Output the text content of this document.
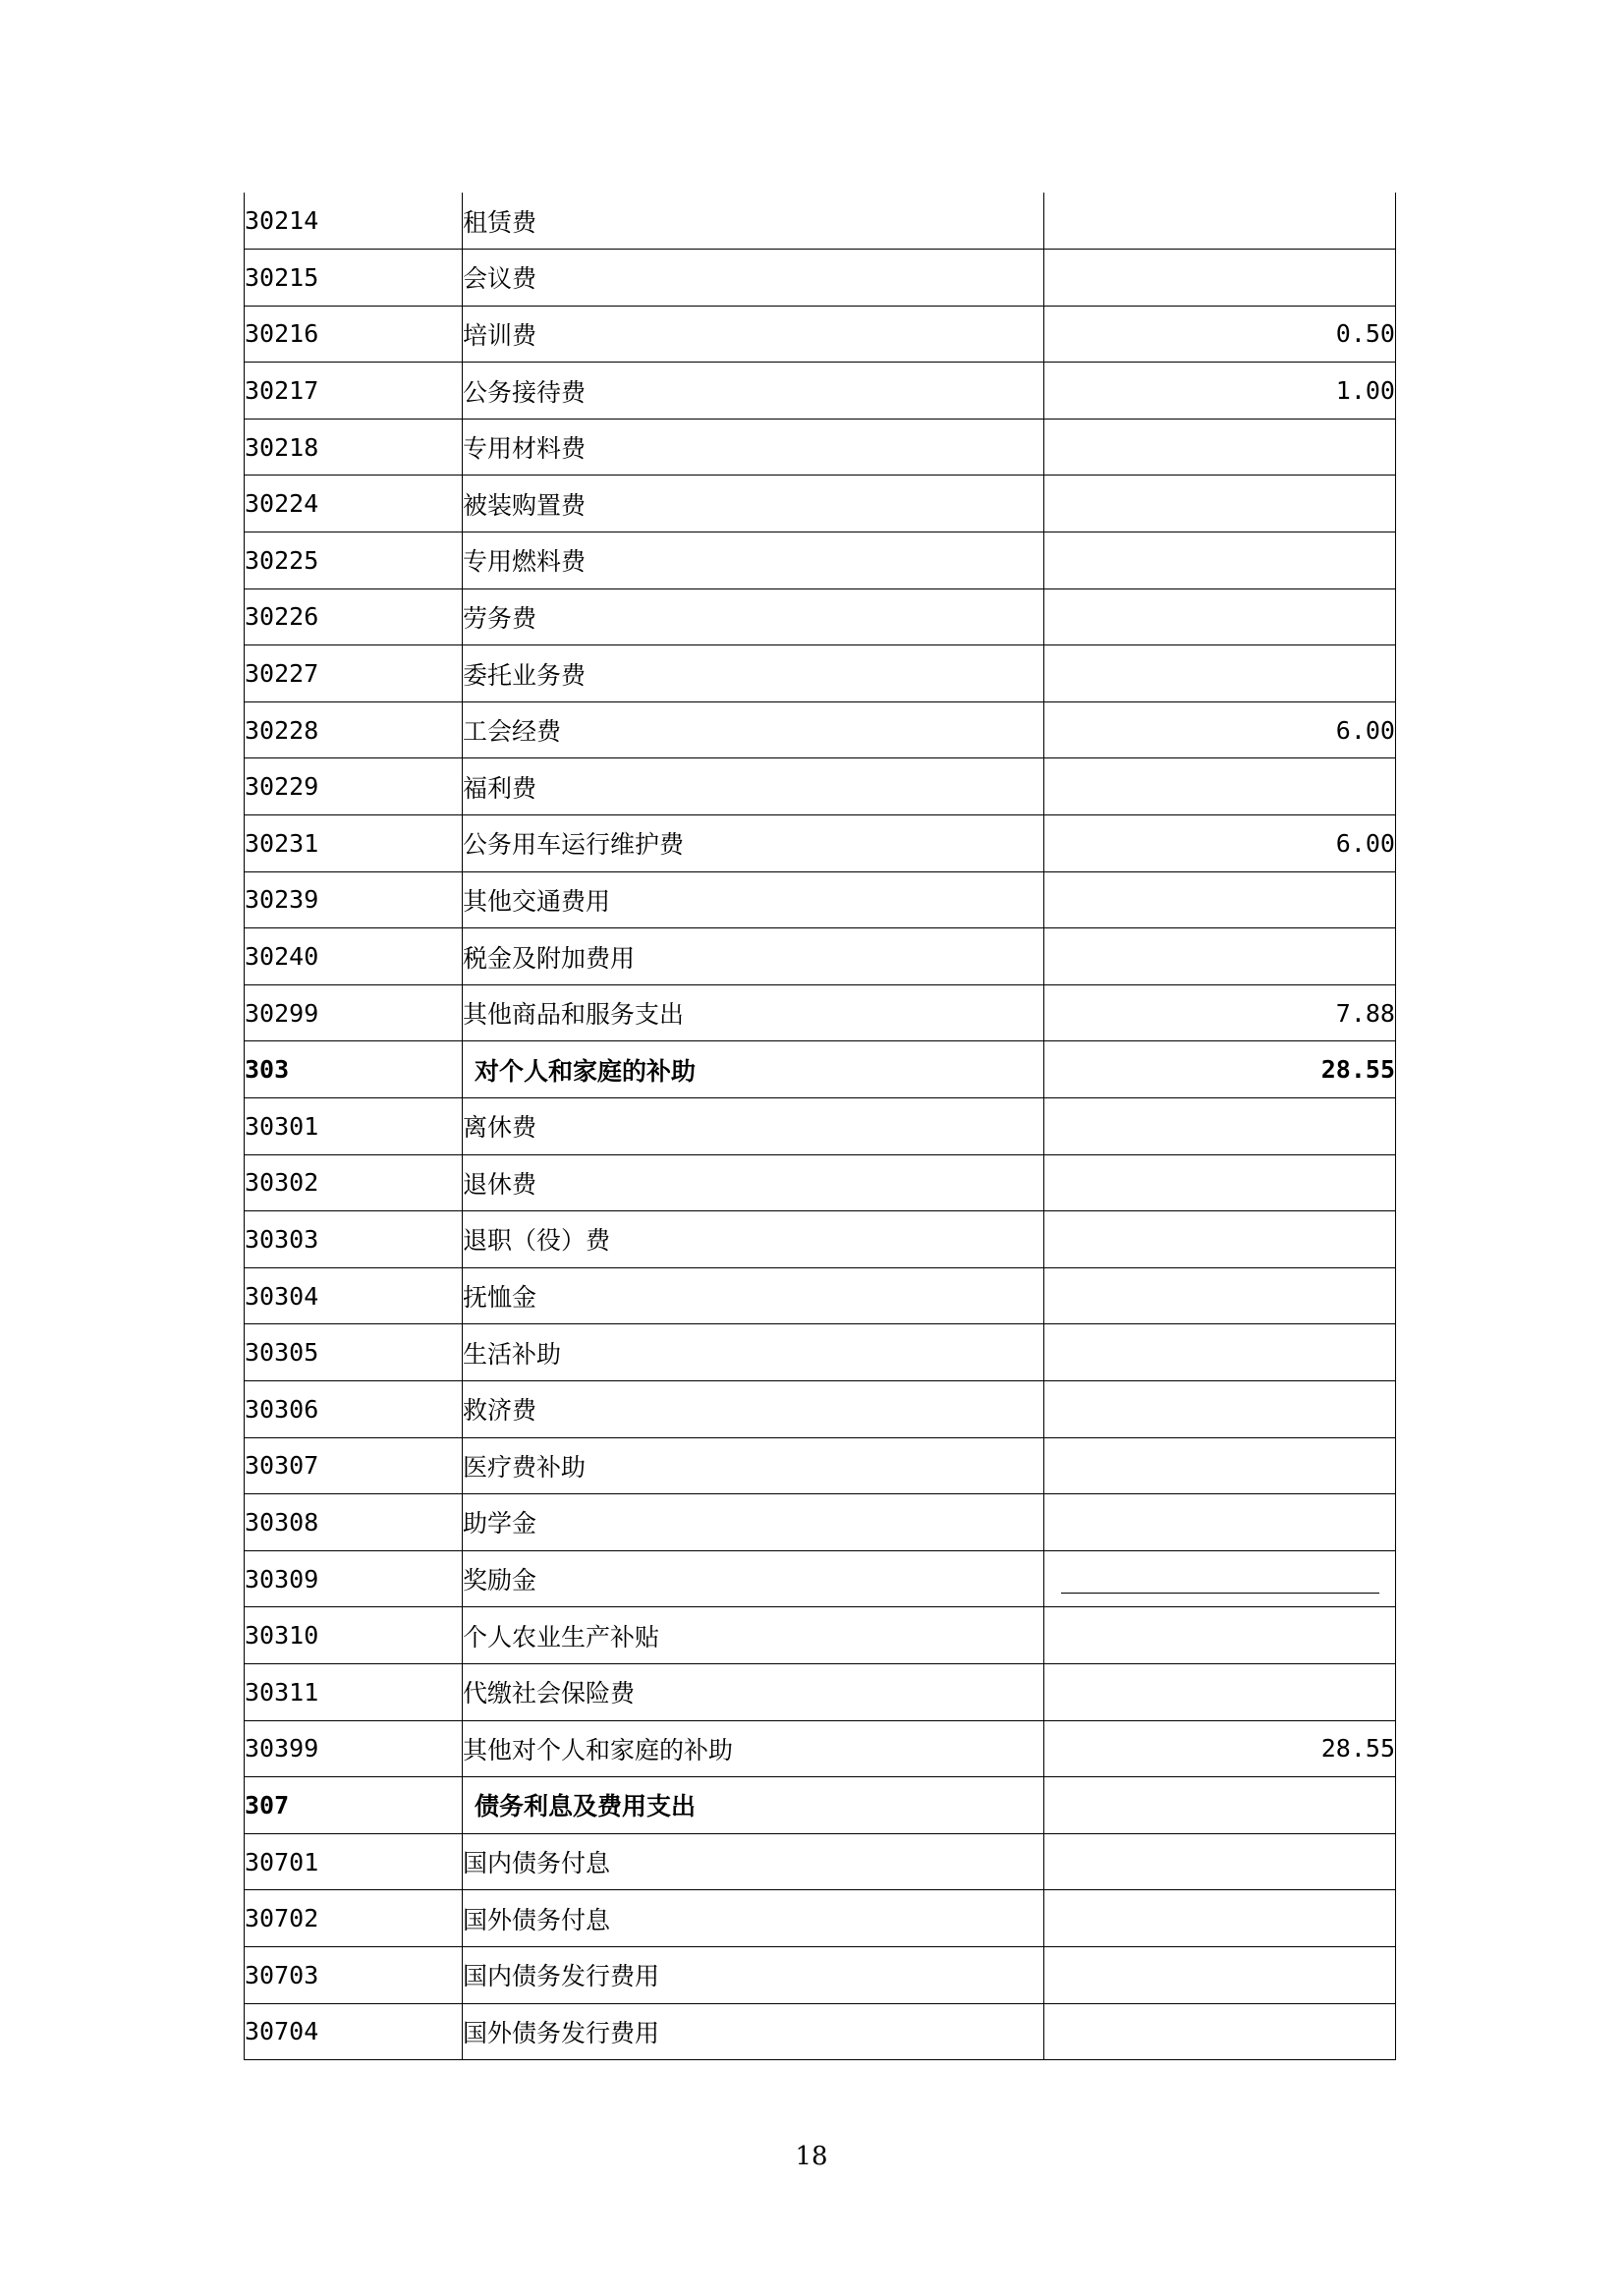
30214	租赁费	
30215	会议费	
30216	培训费	0.50
30217	公务接待费	1.00
30218	专用材料费	
30224	被装购置费	
30225	专用燃料费	
30226	劳务费	
30227	委托业务费	
30228	工会经费	6.00
30229	福利费	
30231	公务用车运行维护费	6.00
30239	其他交通费用	
30240	税金及附加费用	
30299	其他商品和服务支出	7.88
303	对个人和家庭的补助	28.55
30301	离休费	
30302	退休费	
30303	退职（役）费	
30304	抚恤金	
30305	生活补助	
30306	救济费	
30307	医疗费补助	
30308	助学金	
30309	奖励金	
30310	个人农业生产补贴	
30311	代缴社会保险费	
30399	其他对个人和家庭的补助	28.55
307	债务利息及费用支出	
30701	国内债务付息	
30702	国外债务付息	
30703	国内债务发行费用	
30704	国外债务发行费用	
18
